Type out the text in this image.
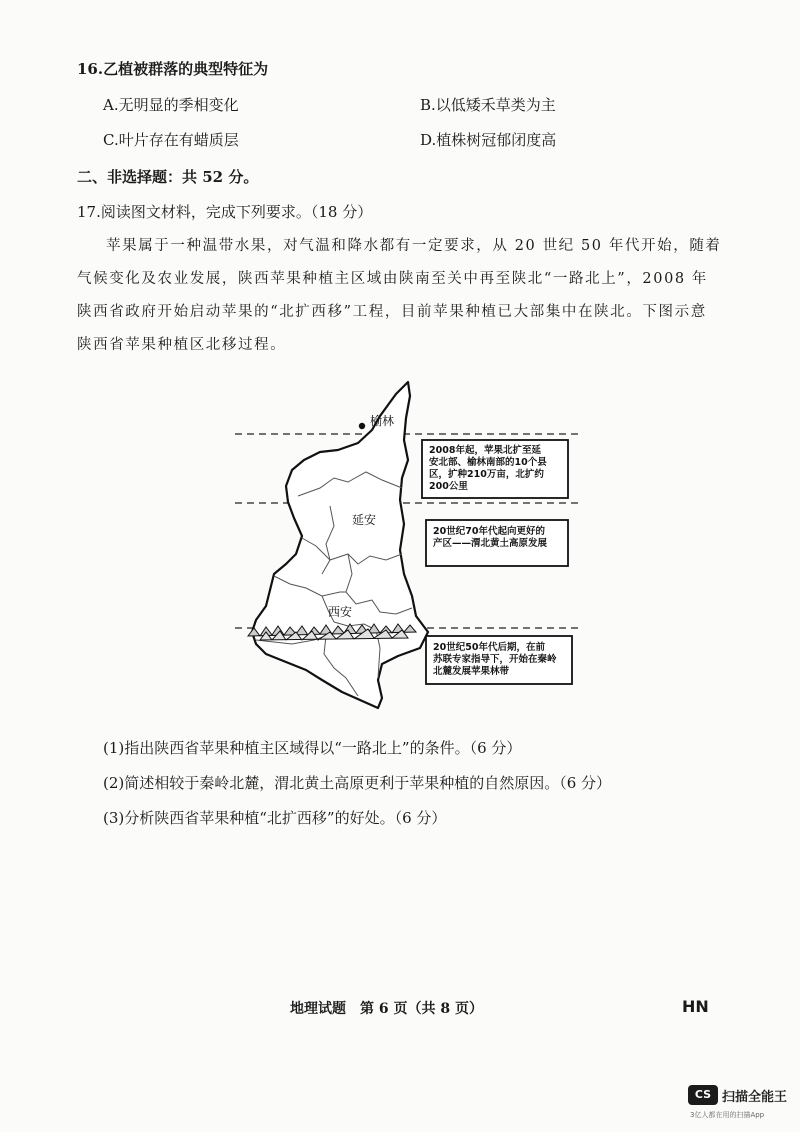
16.乙植被群落的典型特征为
A.无明显的季相变化	B.以低矮禾草类为主
C.叶片存在有蜡质层	D.植株树冠郁闭度高
二、非选择题：共 52 分。
17.阅读图文材料，完成下列要求。（18 分）
苹果属于一种温带水果，对气温和降水都有一定要求，从 20 世纪 50 年代开始，随着气候变化及农业发展，陕西苹果种植主区域由陕南至关中再至陕北“一路北上”，2008 年陕西省政府开始启动苹果的“北扩西移”工程，目前苹果种植已大部集中在陕北。下图示意陕西省苹果种植区北移过程。
榆林
延安
西安
2008年起，苹果北扩至延 安北部、榆林南部的10个县区，扩种210万亩，北扩约 200公里
20世纪70年代起向更好的 产区——渭北黄土高原发展
20世纪50年代后期，在前 苏联专家指导下，开始在秦岭北麓发展苹果林带
(1)指出陕西省苹果种植主区域得以“一路北上”的条件。（6 分）
(2)简述相较于秦岭北麓，渭北黄土高原更利于苹果种植的自然原因。（6 分）
(3)分析陕西省苹果种植“北扩西移”的好处。（6 分）
地理试题　第 6 页（共 8 页）	HN
CS 扫描全能王
3亿人都在用的扫描App
